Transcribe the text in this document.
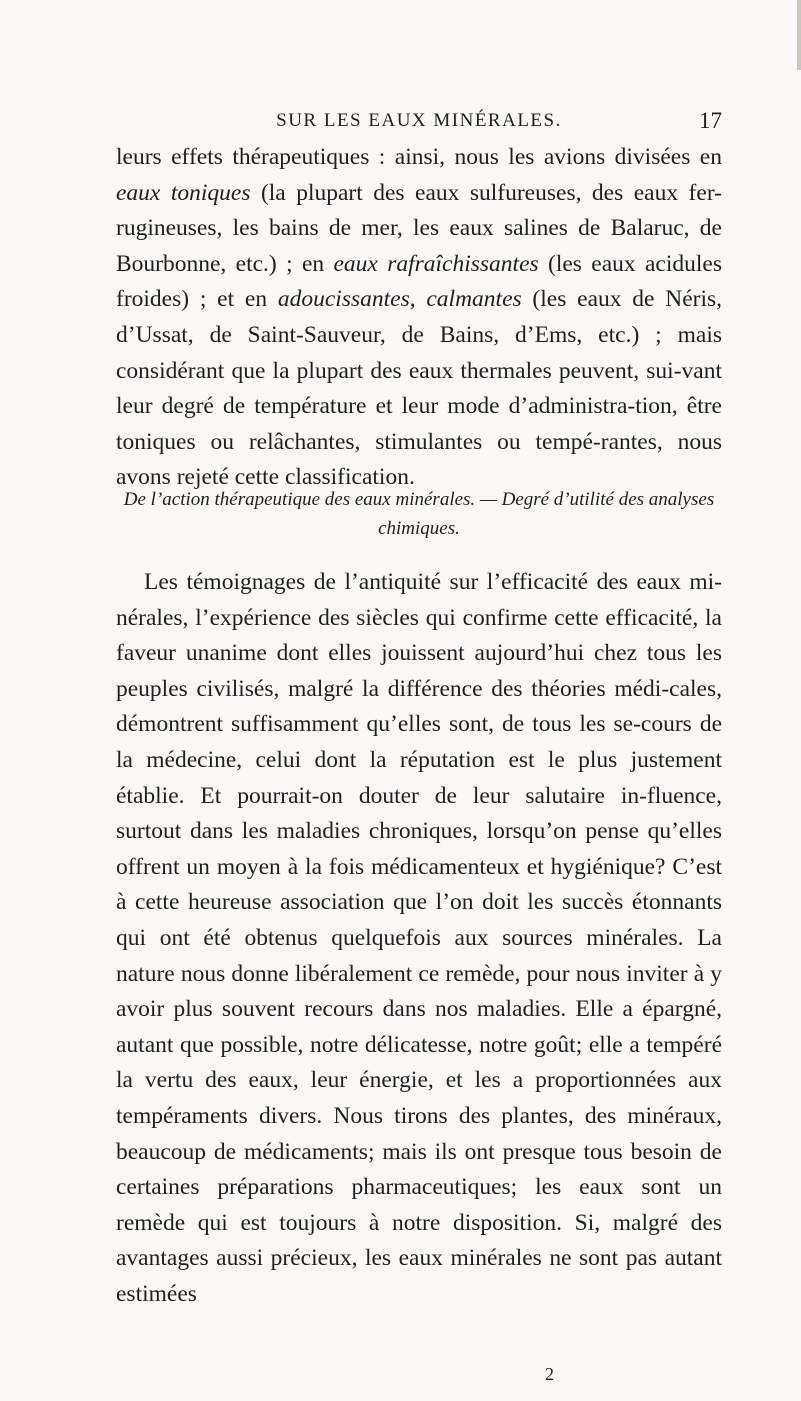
SUR LES EAUX MINÉRALES.	17

leurs effets thérapeutiques : ainsi, nous les avions divisées en eaux toniques (la plupart des eaux sulfureuses, des eaux fer-rugineuses, les bains de mer, les eaux salines de Balaruc, de Bourbonne, etc.) ; en eaux rafraîchissantes (les eaux acidules froides) ; et en adoucissantes, calmantes (les eaux de Néris, d’Ussat, de Saint-Sauveur, de Bains, d’Ems, etc.) ; mais considérant que la plupart des eaux thermales peuvent, sui-vant leur degré de température et leur mode d’administra-tion, être toniques ou relâchantes, stimulantes ou tempé-rantes, nous avons rejeté cette classification.

De l’action thérapeutique des eaux minérales. — Degré d’utilité des analyses chimiques.

Les témoignages de l’antiquité sur l’efficacité des eaux mi-nérales, l’expérience des siècles qui confirme cette efficacité, la faveur unanime dont elles jouissent aujourd’hui chez tous les peuples civilisés, malgré la différence des théories médi-cales, démontrent suffisamment qu’elles sont, de tous les se-cours de la médecine, celui dont la réputation est le plus justement établie. Et pourrait-on douter de leur salutaire in-fluence, surtout dans les maladies chroniques, lorsqu’on pense qu’elles offrent un moyen à la fois médicamenteux et hygiénique? C’est à cette heureuse association que l’on doit les succès étonnants qui ont été obtenus quelquefois aux sources minérales. La nature nous donne libéralement ce remède, pour nous inviter à y avoir plus souvent recours dans nos maladies. Elle a épargné, autant que possible, notre délicatesse, notre goût; elle a tempéré la vertu des eaux, leur énergie, et les a proportionnées aux tempéraments divers. Nous tirons des plantes, des minéraux, beaucoup de médicaments; mais ils ont presque tous besoin de certaines préparations pharmaceutiques; les eaux sont un remède qui est toujours à notre disposition. Si, malgré des avantages aussi précieux, les eaux minérales ne sont pas autant estimées

2
